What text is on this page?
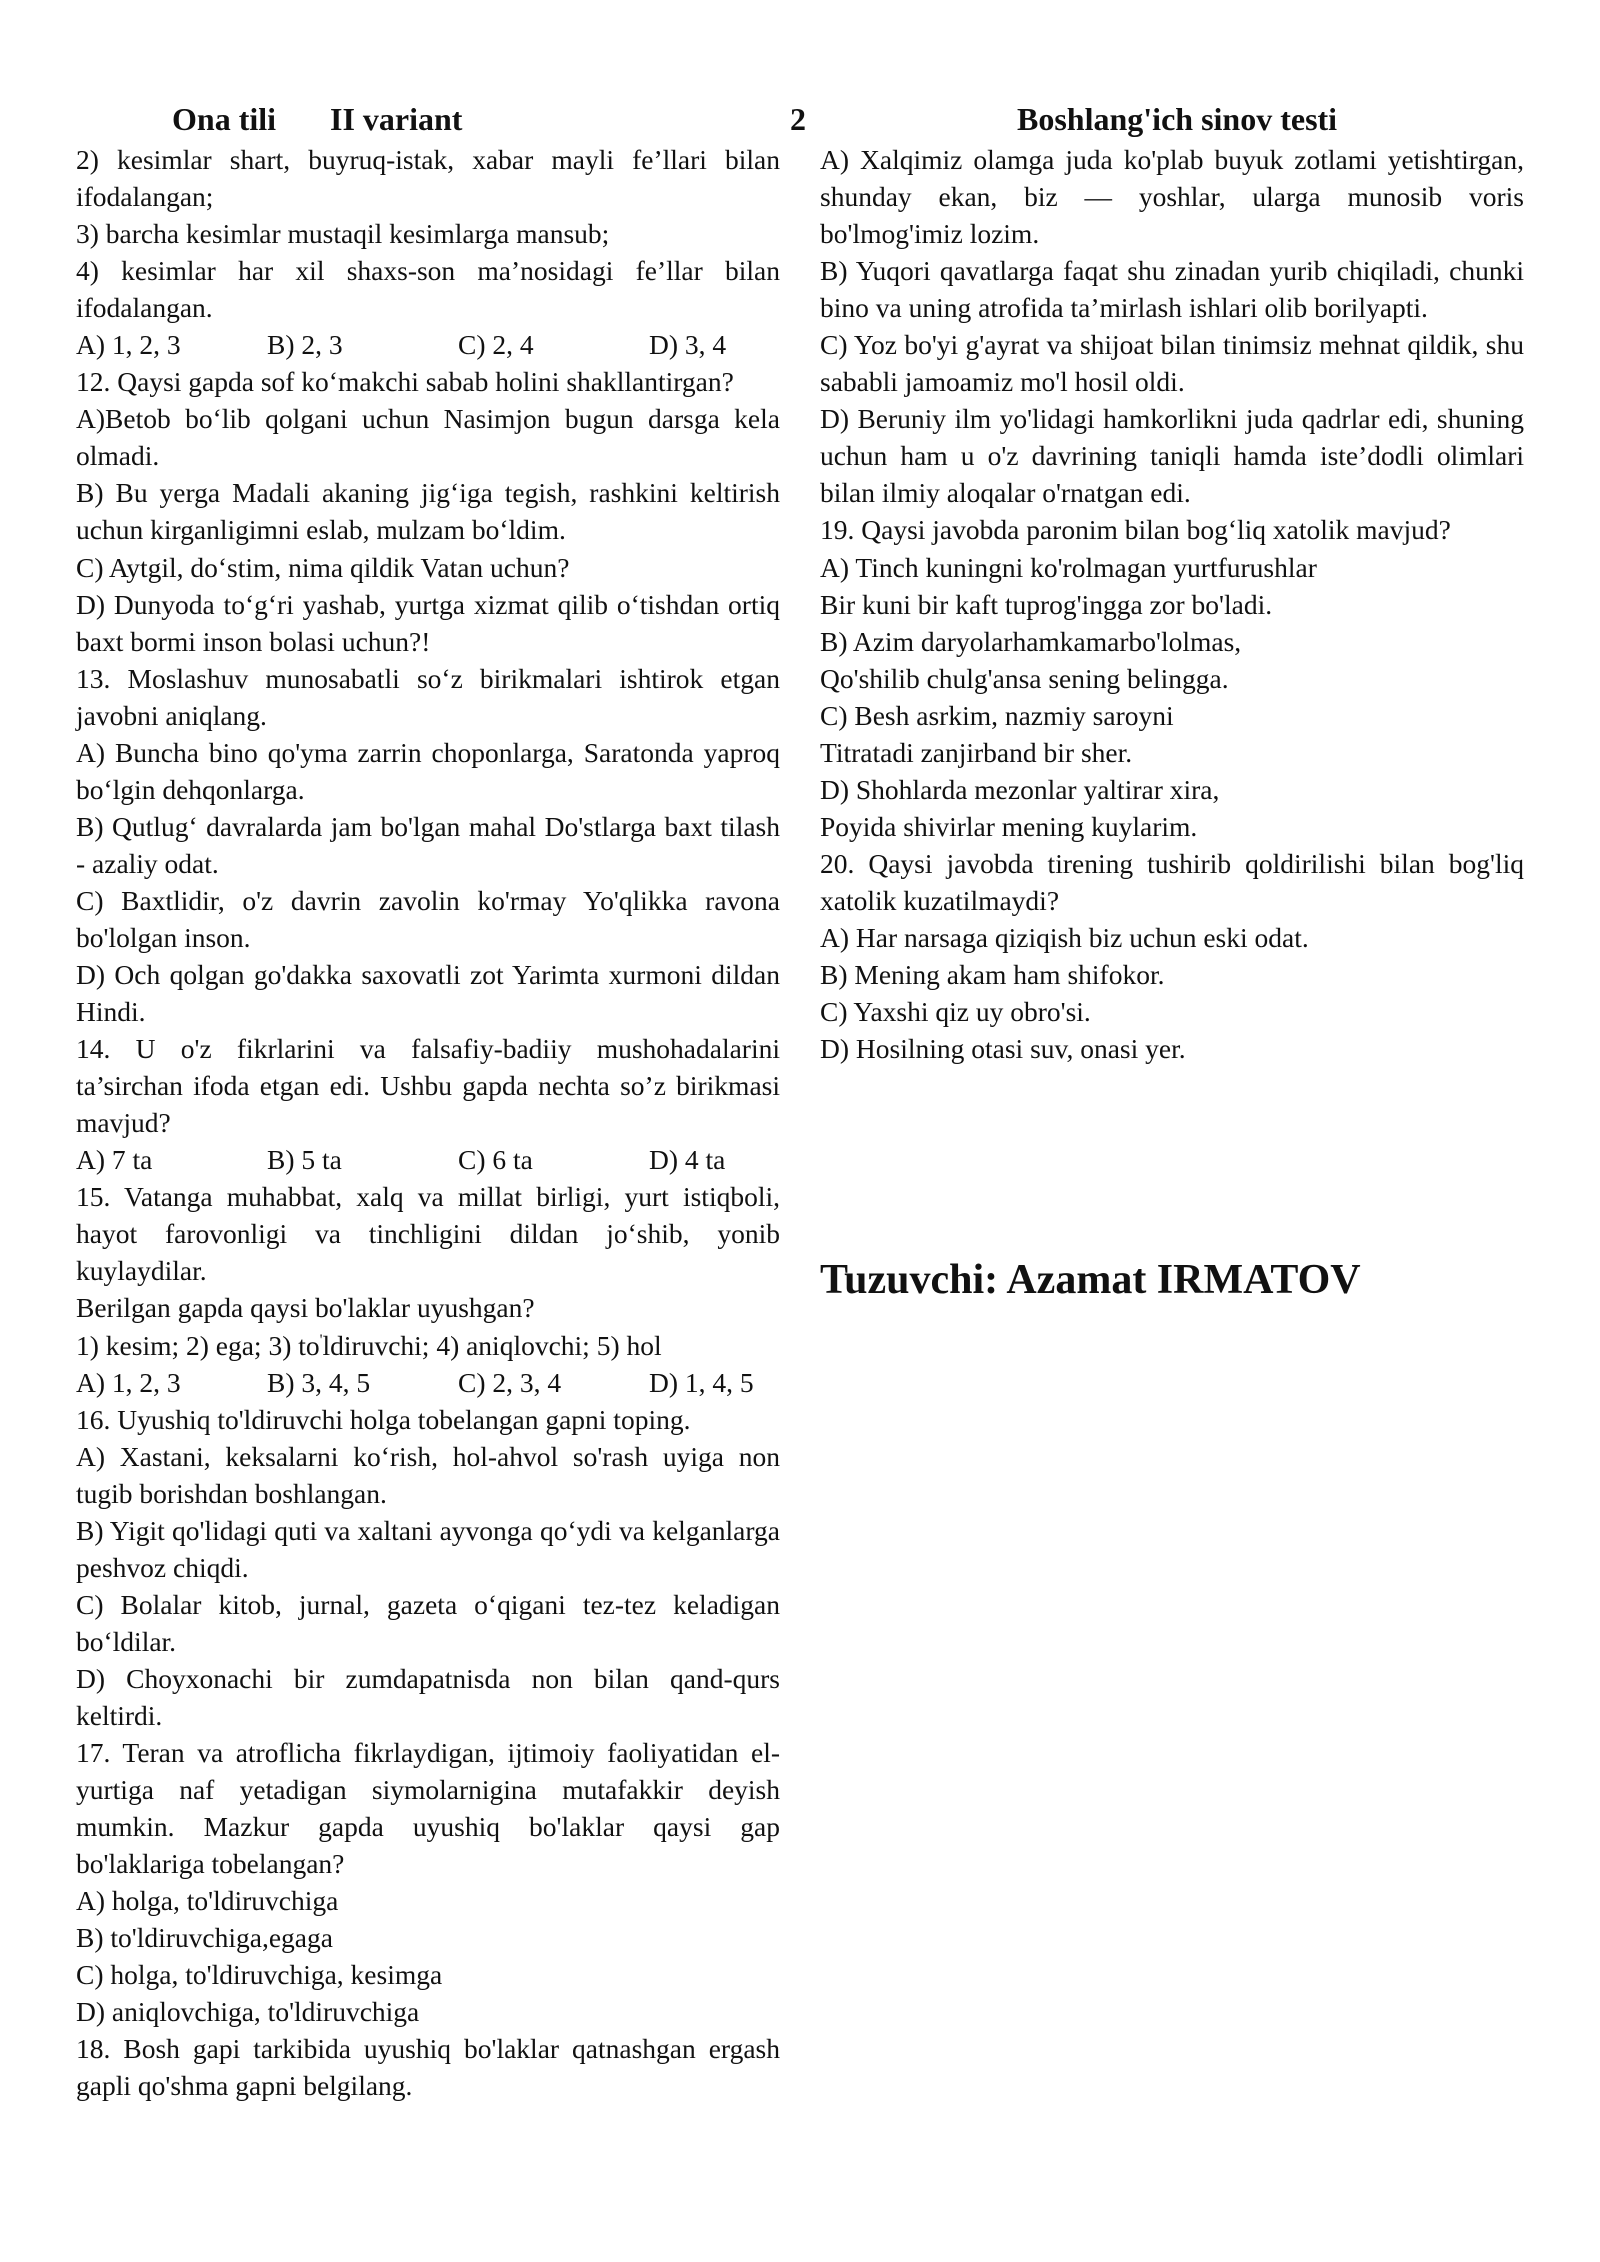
Ona tili II variant	2	Boshlang'ich sinov testi

2) kesimlar shart, buyruq-istak, xabar mayli fe’llari bilan ifodalangan;

3) barcha kesimlar mustaqil kesimlarga mansub;

4) kesimlar har xil shaxs-son ma’nosidagi fe’llar bilan ifodalangan.

A) 1, 2, 3	B) 2, 3	C) 2, 4	D) 3, 4

12. Qaysi gapda sof ko‘makchi sabab holini shakllantirgan?

A)Betob bo‘lib qolgani uchun Nasimjon bugun darsga kela olmadi.

B) Bu yerga Madali akaning jig‘iga tegish, rashkini keltirish uchun kirganligimni eslab, mulzam bo‘ldim.

C) Aytgil, do‘stim, nima qildik Vatan uchun?

D) Dunyoda to‘g‘ri yashab, yurtga xizmat qilib o‘tishdan ortiq baxt bormi inson bolasi uchun?!

13. Moslashuv munosabatli so‘z birikmalari ishtirok etgan javobni aniqlang.

A) Buncha bino qo'yma zarrin choponlarga, Saratonda yaproq bo‘lgin dehqonlarga.

B) Qutlug‘ davralarda jam bo'lgan mahal Do'stlarga baxt tilash - azaliy odat.

C) Baxtlidir, o'z davrin zavolin ko'rmay Yo'qlikka ravona bo'lolgan inson.

D) Och qolgan go'dakka saxovatli zot Yarimta xurmoni dildan Hindi.

14. U o'z fikrlarini va falsafiy-badiiy mushohadalarini ta’sirchan ifoda etgan edi. Ushbu gapda nechta so’z birikmasi mavjud?

A) 7 ta	B) 5 ta	C) 6 ta	D) 4 ta

15. Vatanga muhabbat, xalq va millat birligi, yurt istiqboli, hayot farovonligi va tinchligini dildan jo‘shib, yonib kuylaydilar.

Berilgan gapda qaysi bo'laklar uyushgan?

1) kesim; 2) ega; 3) to'ldiruvchi; 4) aniqlovchi; 5) hol

A) 1, 2, 3	B) 3, 4, 5	C) 2, 3, 4	D) 1, 4, 5

16. Uyushiq to'ldiruvchi holga tobelangan gapni toping.

A) Xastani, keksalarni ko‘rish, hol-ahvol so'rash uyiga non tugib borishdan boshlangan.

B) Yigit qo'lidagi quti va xaltani ayvonga qo‘ydi va kelganlarga peshvoz chiqdi.

C) Bolalar kitob, jurnal, gazeta o‘qigani tez-tez keladigan bo‘ldilar.

D) Choyxonachi bir zumdapatnisda non bilan qand-qurs keltirdi.

17. Teran va atroflicha fikrlaydigan, ijtimoiy faoliyatidan el-yurtiga naf yetadigan siymolarnigina mutafakkir deyish mumkin. Mazkur gapda uyushiq bo'laklar qaysi gap bo'laklariga tobelangan?

A) holga, to'ldiruvchiga

B) to'ldiruvchiga,egaga

C) holga, to'ldiruvchiga, kesimga

D) aniqlovchiga, to'ldiruvchiga

18. Bosh gapi tarkibida uyushiq bo'laklar qatnashgan ergash gapli qo'shma gapni belgilang.

A) Xalqimiz olamga juda ko'plab buyuk zotlami yetishtirgan, shunday ekan, biz — yoshlar, ularga munosib voris bo'lmog'imiz lozim.

B) Yuqori qavatlarga faqat shu zinadan yurib chiqiladi, chunki bino va uning atrofida ta’mirlash ishlari olib borilyapti.

C) Yoz bo'yi g'ayrat va shijoat bilan tinimsiz mehnat qildik, shu sababli jamoamiz mo'l hosil oldi.

D) Beruniy ilm yo'lidagi hamkorlikni juda qadrlar edi, shuning uchun ham u o'z davrining taniqli hamda iste’dodli olimlari bilan ilmiy aloqalar o'rnatgan edi.

19. Qaysi javobda paronim bilan bog‘liq xatolik mavjud?

A) Tinch kuningni ko'rolmagan yurtfurushlar

Bir kuni bir kaft tuprog'ingga zor bo'ladi.

B) Azim daryolarhamkamarbo'lolmas,

Qo'shilib chulg'ansa sening belingga.

C) Besh asrkim, nazmiy saroyni

Titratadi zanjirband bir sher.

D) Shohlarda mezonlar yaltirar xira,

Poyida shivirlar mening kuylarim.

20. Qaysi javobda tirening tushirib qoldirilishi bilan bog'liq xatolik kuzatilmaydi?

A) Har narsaga qiziqish biz uchun eski odat.

B) Mening akam ham shifokor.

C) Yaxshi qiz uy obro'si.

D) Hosilning otasi suv, onasi yer.

Tuzuvchi: Azamat IRMATOV
